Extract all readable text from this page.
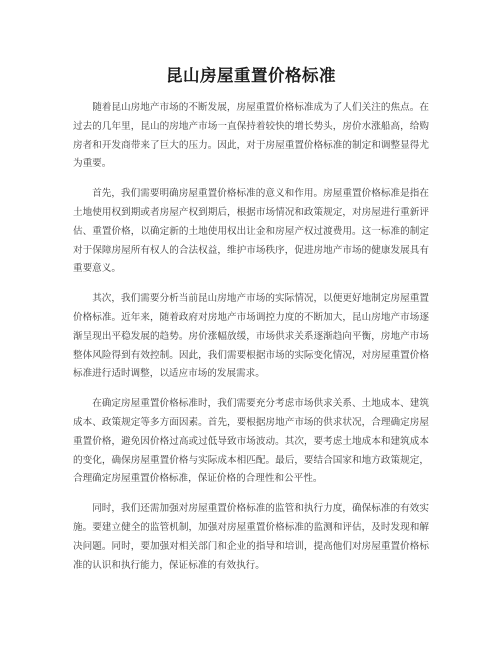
昆山房屋重置价格标准

随着昆山房地产市场的不断发展，房屋重置价格标准成为了人们关注的焦点。在过去的几年里，昆山的房地产市场一直保持着较快的增长势头，房价水涨船高，给购房者和开发商带来了巨大的压力。因此，对于房屋重置价格标准的制定和调整显得尤为重要。

首先，我们需要明确房屋重置价格标准的意义和作用。房屋重置价格标准是指在土地使用权到期或者房屋产权到期后，根据市场情况和政策规定，对房屋进行重新评估、重置价格，以确定新的土地使用权出让金和房屋产权过渡费用。这一标准的制定对于保障房屋所有权人的合法权益，维护市场秩序，促进房地产市场的健康发展具有重要意义。

其次，我们需要分析当前昆山房地产市场的实际情况，以便更好地制定房屋重置价格标准。近年来，随着政府对房地产市场调控力度的不断加大，昆山房地产市场逐渐呈现出平稳发展的趋势。房价涨幅放缓，市场供求关系逐渐趋向平衡，房地产市场整体风险得到有效控制。因此，我们需要根据市场的实际变化情况，对房屋重置价格标准进行适时调整，以适应市场的发展需求。

在确定房屋重置价格标准时，我们需要充分考虑市场供求关系、土地成本、建筑成本、政策规定等多方面因素。首先，要根据房地产市场的供求状况，合理确定房屋重置价格，避免因价格过高或过低导致市场波动。其次，要考虑土地成本和建筑成本的变化，确保房屋重置价格与实际成本相匹配。最后，要结合国家和地方政策规定，合理确定房屋重置价格标准，保证价格的合理性和公平性。

同时，我们还需加强对房屋重置价格标准的监管和执行力度，确保标准的有效实施。要建立健全的监管机制，加强对房屋重置价格标准的监测和评估，及时发现和解决问题。同时，要加强对相关部门和企业的指导和培训，提高他们对房屋重置价格标准的认识和执行能力，保证标准的有效执行。
